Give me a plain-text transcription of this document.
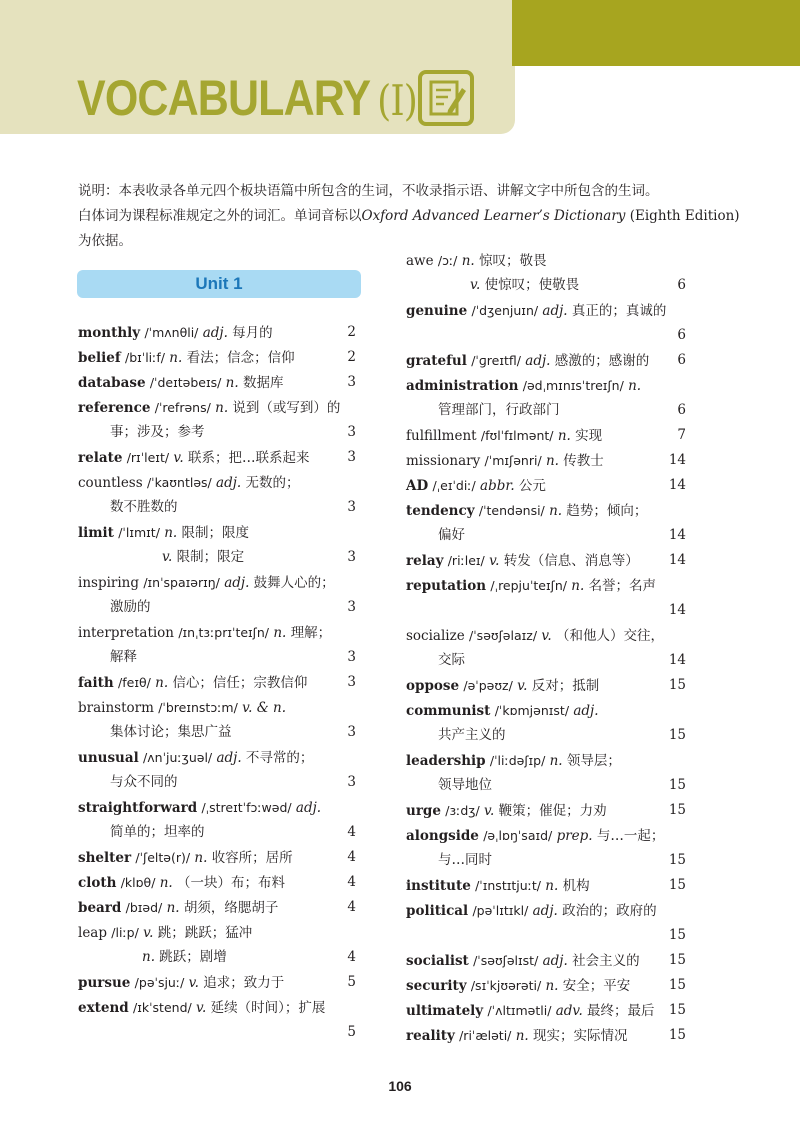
VOCABULARY (I)
说明：本表收录各单元四个板块语篇中所包含的生词，不收录指示语、讲解文字中所包含的生词。
白体词为课程标准规定之外的词汇。单词音标以Oxford Advanced Learner’s Dictionary (Eighth Edition)
为依据。
Unit 1
monthly /ˈmʌnθli/ adj. 每月的	2
belief /bɪˈliːf/ n. 看法；信念；信仰	2
database /ˈdeɪtəbeɪs/ n. 数据库	3
reference /ˈrefrəns/ n. 说到（或写到）的
事；涉及；参考	3
relate /rɪˈleɪt/ v. 联系；把…联系起来	3
countless /ˈkaʊntləs/ adj. 无数的；
数不胜数的	3
limit /ˈlɪmɪt/ n. 限制；限度
v. 限制；限定	3
inspiring /ɪnˈspaɪərɪŋ/ adj. 鼓舞人心的；
激励的	3
interpretation /ɪnˌtɜːprɪˈteɪʃn/ n. 理解；
解释	3
faith /feɪθ/ n. 信心；信任；宗教信仰	3
brainstorm /ˈbreɪnstɔːm/ v. & n.
集体讨论；集思广益	3
unusual /ʌnˈjuːʒuəl/ adj. 不寻常的；
与众不同的	3
straightforward /ˌstreɪtˈfɔːwəd/ adj.
简单的；坦率的	4
shelter /ˈʃeltə(r)/ n. 收容所；居所	4
cloth /klɒθ/ n. （一块）布；布料	4
beard /bɪəd/ n. 胡须，络腮胡子	4
leap /liːp/ v. 跳；跳跃；猛冲
n. 跳跃；剧增	4
pursue /pəˈsjuː/ v. 追求；致力于	5
extend /ɪkˈstend/ v. 延续（时间）；扩展
5
awe /ɔː/ n. 惊叹；敬畏
v. 使惊叹；使敬畏	6
genuine /ˈdʒenjuɪn/ adj. 真正的；真诚的
6
grateful /ˈɡreɪtfl/ adj. 感激的；感谢的 6
administration /ədˌmɪnɪsˈtreɪʃn/ n.
管理部门，行政部门	6
fulfillment /fʊlˈfɪlmənt/ n. 实现	7
missionary /ˈmɪʃənri/ n. 传教士	14
AD /ˌeɪˈdiː/ abbr. 公元	14
tendency /ˈtendənsi/ n. 趋势；倾向；
偏好	14
relay /riːleɪ/ v. 转发（信息、消息等） 14
reputation /ˌrepjuˈteɪʃn/ n. 名誉；名声
14
socialize /ˈsəʊʃəlaɪz/ v. （和他人）交往，
交际	14
oppose /əˈpəʊz/ v. 反对；抵制	15
communist /ˈkɒmjənɪst/ adj.
共产主义的	15
leadership /ˈliːdəʃɪp/ n. 领导层；
领导地位	15
urge /ɜːdʒ/ v. 鞭策；催促；力劝	15
alongside /əˌlɒŋˈsaɪd/ prep. 与…一起；
与…同时	15
institute /ˈɪnstɪtjuːt/ n. 机构	15
political /pəˈlɪtɪkl/ adj. 政治的；政府的
15
socialist /ˈsəʊʃəlɪst/ adj. 社会主义的 15
security /sɪˈkjʊərəti/ n. 安全；平安	15
ultimately /ˈʌltɪmətli/ adv. 最终；最后 15
reality /riˈæləti/ n. 现实；实际情况	15
106
